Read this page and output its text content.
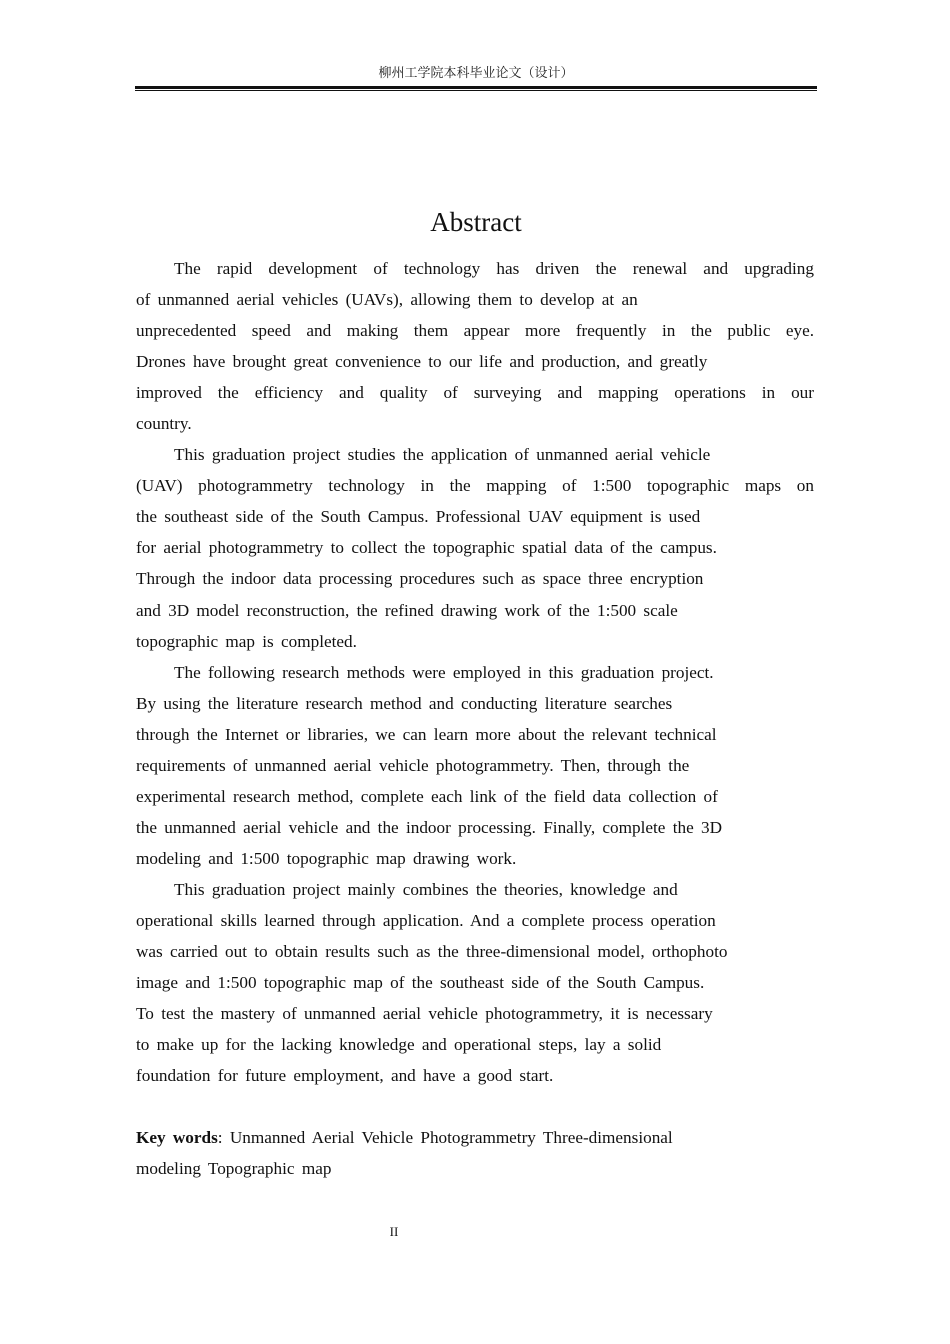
柳州工学院本科毕业论文（设计）
Abstract
The rapid development of technology has driven the renewal and upgrading
of unmanned aerial vehicles (UAVs), allowing them to develop at an
unprecedented speed and making them appear more frequently in the public eye.
Drones have brought great convenience to our life and production, and greatly
improved the efficiency and quality of surveying and mapping operations in our
country.
This graduation project studies the application of unmanned aerial vehicle
(UAV) photogrammetry technology in the mapping of 1:500 topographic maps on
the southeast side of the South Campus. Professional UAV equipment is used
for aerial photogrammetry to collect the topographic spatial data of the campus.
Through the indoor data processing procedures such as space three encryption
and 3D model reconstruction, the refined drawing work of the 1:500 scale
topographic map is completed.
The following research methods were employed in this graduation project.
By using the literature research method and conducting literature searches
through the Internet or libraries, we can learn more about the relevant technical
requirements of unmanned aerial vehicle photogrammetry. Then, through the
experimental research method, complete each link of the field data collection of
the unmanned aerial vehicle and the indoor processing. Finally, complete the 3D
modeling and 1:500 topographic map drawing work.
This graduation project mainly combines the theories, knowledge and
operational skills learned through application. And a complete process operation
was carried out to obtain results such as the three-dimensional model, orthophoto
image and 1:500 topographic map of the southeast side of the South Campus.
To test the mastery of unmanned aerial vehicle photogrammetry, it is necessary
to make up for the lacking knowledge and operational steps, lay a solid
foundation for future employment, and have a good start.
Key words: Unmanned Aerial Vehicle Photogrammetry Three-dimensional
modeling Topographic map
II
